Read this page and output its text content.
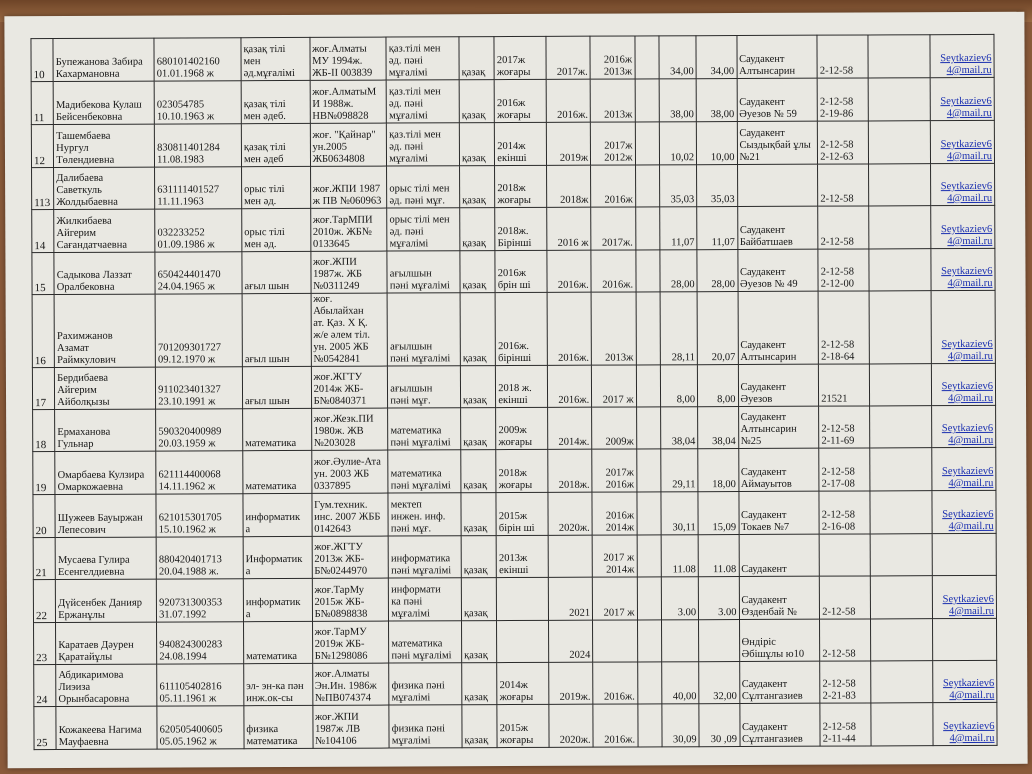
10	Бупежанова Забира
Кахармановна	680101402160
01.01.1968 ж	қазақ тілі
мен
әд.мұғалімі	жоғ.Алматы
МУ 1994ж.
ЖБ-ІІ 003839	қаз.тілі мен
әд. пәні
мұғалімі	қазақ	2017ж
жоғары	2017ж.	2016ж
2013ж		34,00	34,00	Саудакент
Алтынсарин	2-12-58		Seytkaziev6
4@mail.ru
11	Мадибекова Кулаш
Бейсенбековна	023054785
10.10.1963 ж	қазақ тілі
мен әдеб.	жоғ.АлматыМ
И 1988ж.
НВ№098828	қаз.тілі мен
әд. пәні
мұғалімі	қазақ	2016ж
жоғары	2016ж.	2013ж		38,00	38,00	Саудакент
Әуезов № 59	2-12-58
2-19-86		Seytkaziev6
4@mail.ru
12	Ташембаева
Нургул
Төлендиевна	830811401284
11.08.1983	қазақ тілі
мен әдеб	жоғ. "Қайнар"
ун.2005
ЖБ0634808	қаз.тілі мен
әд. пәні
мұғалімі	қазақ	2014ж
екінші	2019ж	2017ж
2012ж		10,02	10,00	Саудакент
Сыздықбай ұлы
№21	2-12-58
2-12-63		Seytkaziev6
4@mail.ru
113	Далибаева
Саветкуль
Жолдыбаевна	631111401527
11.11.1963	орыс тілі
мен әд.	жоғ.ЖПИ 1987
ж ПВ №060963	орыс тілі мен
әд. пәні мұғ.	қазақ	2018ж
жоғары	2018ж	2016ж		35,03	35,03		2-12-58		Seytkaziev6
4@mail.ru
14	Жилкибаева
Айгерим
Сағандатчаевна	032233252
01.09.1986 ж	орыс тілі
мен әд.	жоғ.ТарМПИ
2010ж. ЖБ№
0133645	орыс тілі мен
әд. пәні
мұғалімі	қазақ	2018ж.
Бірінші	2016 ж	2017ж.		11,07	11,07	Саудакент
Байбатшаев	2-12-58		Seytkaziev6
4@mail.ru
15	Садыкова Лаззат
Оралбековна	650424401470
24.04.1965 ж	ағыл шын	жоғ.ЖПИ
1987ж. ЖБ
№0311249	ағылшын
пәні мұғалімі	қазақ	2016ж
брін ші	2016ж.	2016ж.		28,00	28,00	Саудакент
Әуезов № 49	2-12-58
2-12-00		Seytkaziev6
4@mail.ru
16	Рахимжанов
Азамат
Раймкулович	701209301727
09.12.1970 ж	ағыл шын	жоғ. Абылайхан
ат. Қаз. Х Қ.
ж/е әлем тіл.
ун. 2005 ЖБ
№0542841	ағылшын
пәні мұғалімі	қазақ	2016ж.
бірінші	2016ж.	2013ж		28,11	20,07	Саудакент
Алтынсарин	2-12-58
2-18-64		Seytkaziev6
4@mail.ru
17	Бердибаева
Айгерим
Айболқызы	911023401327
23.10.1991 ж	ағыл шын	жоғ.ЖГТУ
2014ж ЖБ-
Б№0840371	ағылшын
пәні мұғ.	қазақ	2018 ж.
екінші	2016ж.	2017 ж		8,00	8,00	Саудакент
Әуезов	21521		Seytkaziev6
4@mail.ru
18	Ермаханова
Гульнар	590320400989
20.03.1959 ж	математика	жоғ.Жезк.ПИ
1980ж. ЖВ
№203028	математика
пәні мұғалімі	қазақ	2009ж
жоғары	2014ж.	2009ж		38,04	38,04	Саудакент
Алтынсарин
№25	2-12-58
2-11-69		Seytkaziev6
4@mail.ru
19	Омарбаева Кулзира
Омаркожаевна	621114400068
14.11.1962 ж	математика	жоғ.Әулие-Ата
ун. 2003 ЖБ
0337895	математика
пәні мұғалімі	қазақ	2018ж
жоғары	2018ж.	2017ж
2016ж		29,11	18,00	Саудакент
Аймауытов	2-12-58
2-17-08		Seytkaziev6
4@mail.ru
20	Шужеев Бауыржан
Лепесович	621015301705
15.10.1962 ж	информатик
а	Гум.техник.
инс. 2007 ЖББ
0142643	мектеп
инжен. инф.
пәні мұғ.	қазақ	2015ж
бірін ші	2020ж.	2016ж
2014ж		30,11	15,09	Саудакент
Токаев №7	2-12-58
2-16-08		Seytkaziev6
4@mail.ru
21	Мусаева Гулира
Есенгелдиевна	880420401713
20.04.1988 ж.	Информатик
а	жоғ.ЖГТУ
2013ж ЖБ-
Б№0244970	информатика
пәні мұғалімі	қазақ	2013ж
екінші		2017 ж
2014ж		11.08	11.08	Саудакент			
22	Дүйсенбек Данияр
Ержанұлы	920731300353
31.07.1992	информатик
а	жоғ.ТарМу
2015ж ЖБ-
Б№0898838	информати
ка пәні
мұғалімі	қазақ		2021	2017 ж		3.00	3.00	Саудакент
Өзденбай №	2-12-58		Seytkaziev6
4@mail.ru
23	Каратаев Дәурен
Қаратайұлы	940824300283
24.08.1994	математика	жоғ.ТарМУ
2019ж ЖБ-
Б№1298086	математика
пәні мұғалімі	қазақ		2024					Өндіріс
Әбішұлы ю10	2-12-58		
24	Абдикаримова
Лиэиза
Орынбасаровна	611105402816
05.11.1961 ж	эл- эн-ка пән
инж.ок-сы	жоғ.Алматы
Эн.Ин. 1986ж
№ПВ074374	физика пәні
мұғалімі	қазақ	2014ж
жоғары	2019ж.	2016ж.		40,00	32,00	Саудакент
Сұлтангазиев	2-12-58
2-21-83		Seytkaziev6
4@mail.ru
25	Кожакеева Нагима
Мауфаевна	620505400605
05.05.1962 ж	физика
математика	жоғ.ЖПИ
1987ж ЛВ
№104106	физика пәні
мұғалімі	қазақ	2015ж
жоғары	2020ж.	2016ж.		30,09	30 ,09	Саудакент
Сұлтангазиев	2-12-58
2-11-44		Seytkaziev6
4@mail.ru
